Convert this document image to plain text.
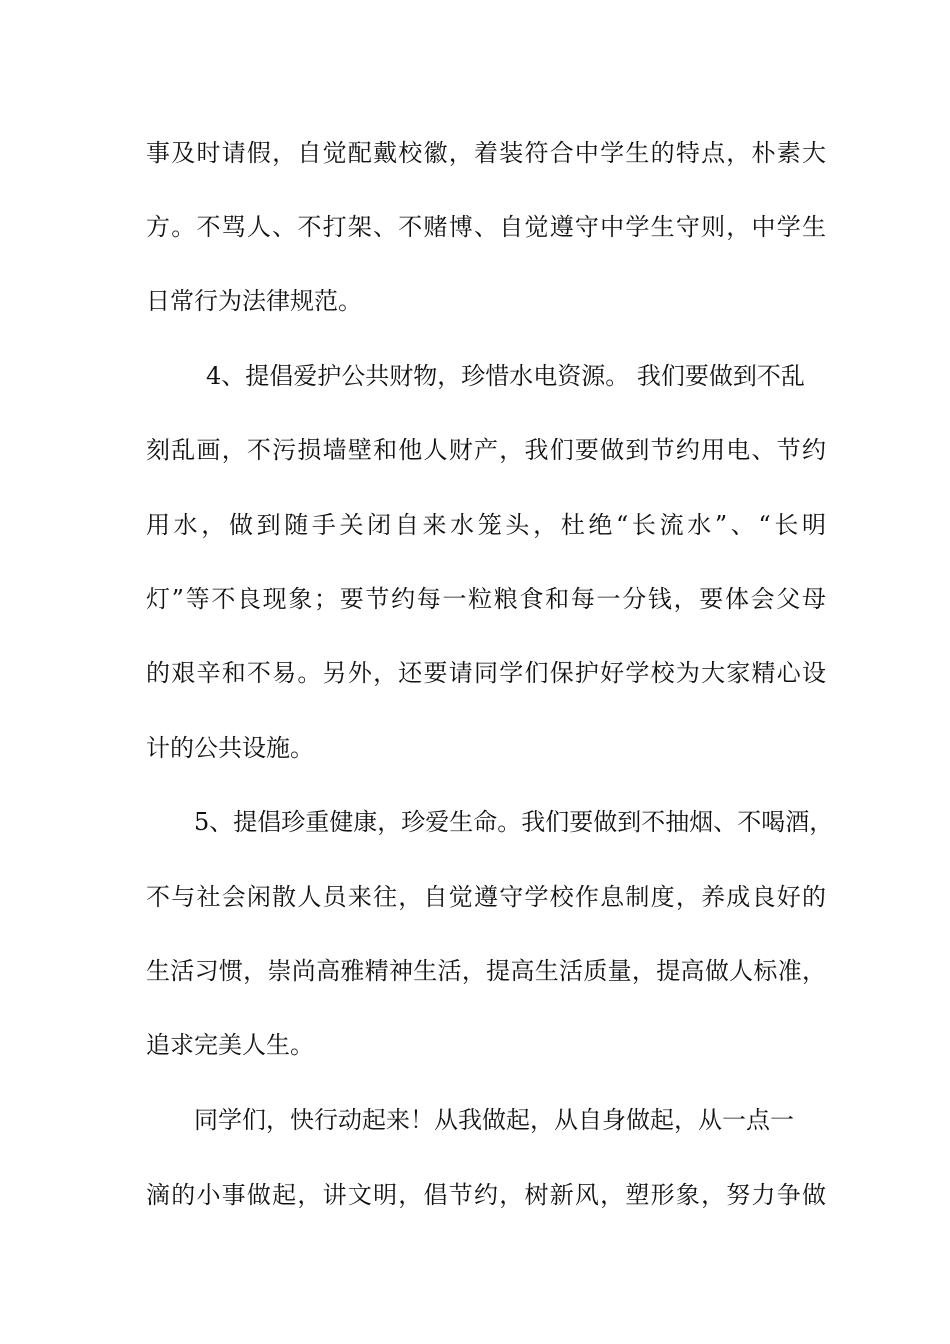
事及时请假，自觉配戴校徽，着装符合中学生的特点，朴素大
方。不骂人、不打架、不赌博、自觉遵守中学生守则，中学生
日常行为法律规范。
4、提倡爱护公共财物，珍惜水电资源。 我们要做到不乱
刻乱画，不污损墙壁和他人财产，我们要做到节约用电、节约
用水，做到随手关闭自来水笼头，杜绝“长流水”、“长明
灯”等不良现象；要节约每一粒粮食和每一分钱，要体会父母
的艰辛和不易。另外，还要请同学们保护好学校为大家精心设
计的公共设施。
5、提倡珍重健康，珍爱生命。我们要做到不抽烟、不喝酒，
不与社会闲散人员来往，自觉遵守学校作息制度，养成良好的
生活习惯，崇尚高雅精神生活，提高生活质量，提高做人标准，
追求完美人生。
同学们，快行动起来！从我做起，从自身做起，从一点一
滴的小事做起，讲文明，倡节约，树新风，塑形象，努力争做
